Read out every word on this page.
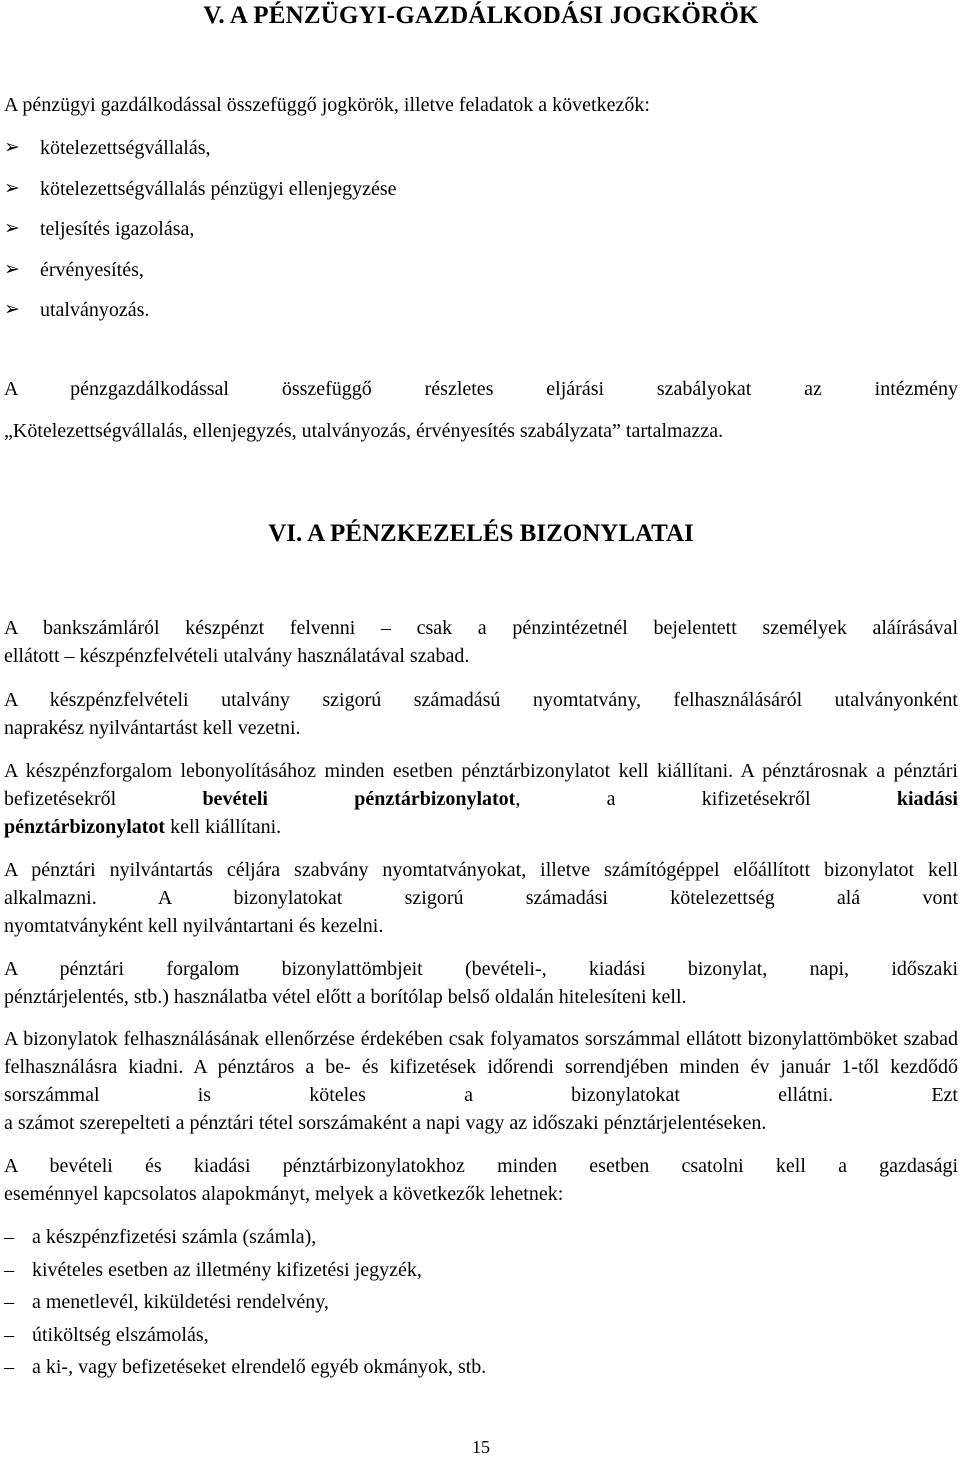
V. A PÉNZÜGYI-GAZDÁLKODÁSI JOGKÖRÖK
A pénzügyi gazdálkodással összefüggő jogkörök, illetve feladatok a következők:
➢	kötelezettségvállalás,
➢	kötelezettségvállalás pénzügyi ellenjegyzése
➢	teljesítés igazolása,
➢	érvényesítés,
➢	utalványozás.

A pénzgazdálkodással összefüggő részletes eljárási szabályokat az intézmény
„Kötelezettségvállalás, ellenjegyzés, utalványozás, érvényesítés szabályzata” tartalmazza.

VI. A PÉNZKEZELÉS BIZONYLATAI

A bankszámláról készpénzt felvenni – csak a pénzintézetnél bejelentett személyek aláírásával
ellátott – készpénzfelvételi utalvány használatával szabad.

A készpénzfelvételi utalvány szigorú számadású nyomtatvány, felhasználásáról utalványonként
naprakész nyilvántartást kell vezetni.

A készpénzforgalom lebonyolításához minden esetben pénztárbizonylatot kell kiállítani. A pénztárosnak a pénztári befizetésekről bevételi pénztárbizonylatot, a kifizetésekről kiadási
pénztárbizonylatot kell kiállítani.

A pénztári nyilvántartás céljára szabvány nyomtatványokat, illetve számítógéppel előállított bizonylatot kell alkalmazni. A bizonylatokat szigorú számadási kötelezettség alá vont
nyomtatványként kell nyilvántartani és kezelni.

A pénztári forgalom bizonylattömbjeit (bevételi-, kiadási bizonylat, napi, időszaki
pénztárjelentés, stb.) használatba vétel előtt a borítólap belső oldalán hitelesíteni kell.

A bizonylatok felhasználásának ellenőrzése érdekében csak folyamatos sorszámmal ellátott bizonylattömböket szabad felhasználásra kiadni. A pénztáros a be- és kifizetések időrendi sorrendjében minden év január 1-től kezdődő sorszámmal is köteles a bizonylatokat ellátni. Ezt
a számot szerepelteti a pénztári tétel sorszámaként a napi vagy az időszaki pénztárjelentéseken.

A bevételi és kiadási pénztárbizonylatokhoz minden esetben csatolni kell a gazdasági
eseménnyel kapcsolatos alapokmányt, melyek a következők lehetnek:

– a készpénzfizetési számla (számla),
– kivételes esetben az illetmény kifizetési jegyzék,
– a menetlevél, kiküldetési rendelvény,
– útiköltség elszámolás,
– a ki-, vagy befizetéseket elrendelő egyéb okmányok, stb.
15
